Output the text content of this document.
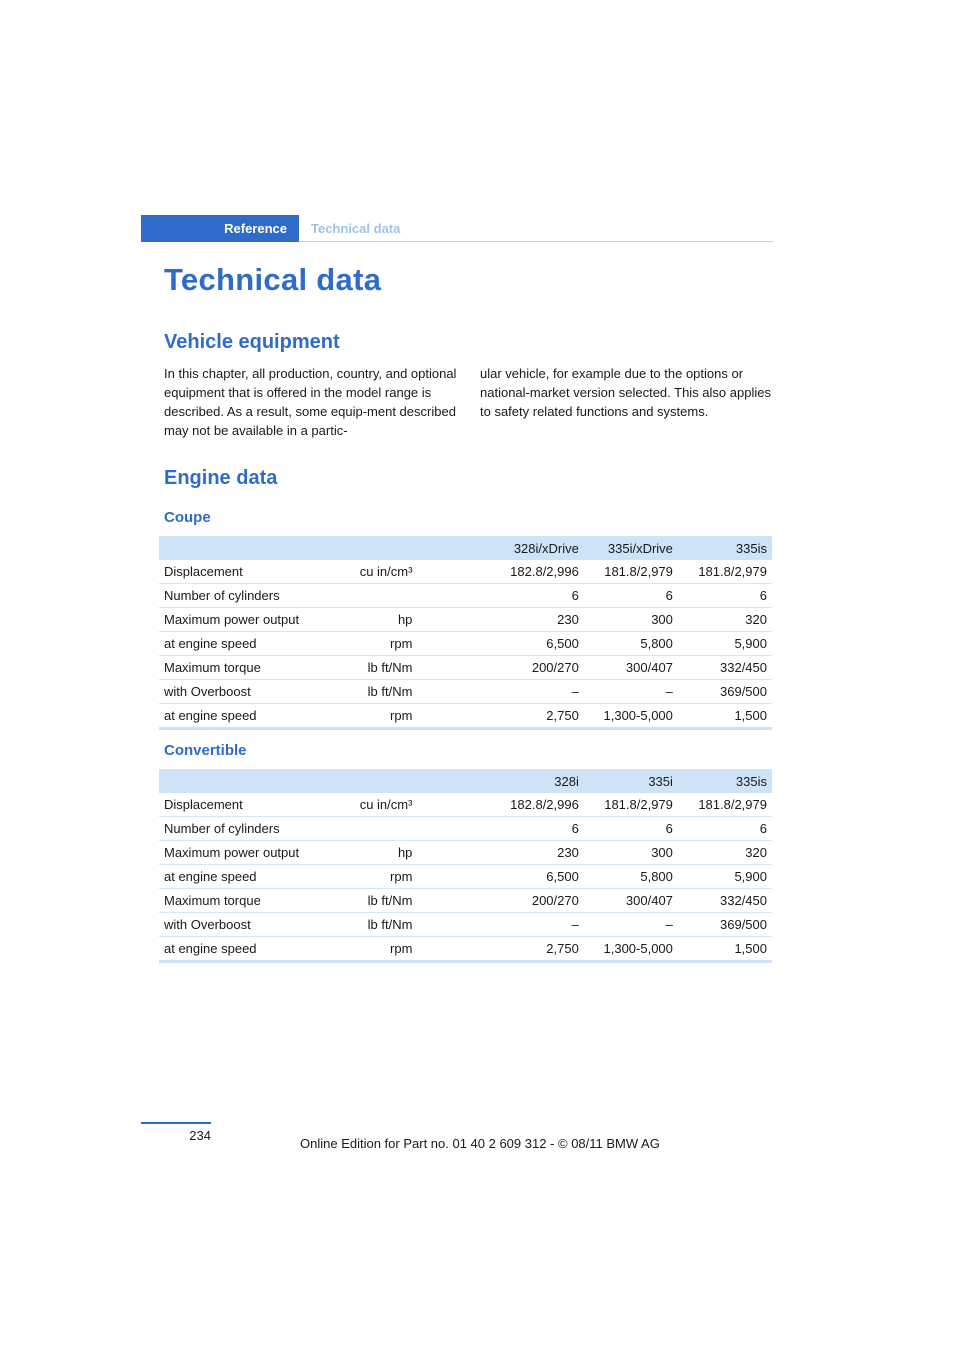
Reference	Technical data
Technical data
Vehicle equipment

In this chapter, all production, country, and optional equipment that is offered in the model range is described. As a result, some equip-ment described may not be available in a partic-

ular vehicle, for example due to the options or national-market version selected. This also applies to safety related functions and systems.

Engine data
Coupe
			328i/xDrive	335i/xDrive	335is
Displacement	cu in/cm³		182.8/2,996	181.8/2,979	181.8/2,979
Number of cylinders			6	6	6
Maximum power output	hp		230	300	320
at engine speed	rpm		6,500	5,800	5,900
Maximum torque	lb ft/Nm		200/270	300/407	332/450
with Overboost	lb ft/Nm		–	–	369/500
at engine speed	rpm		2,750	1,300-5,000	1,500
Convertible
			328i	335i	335is
Displacement	cu in/cm³		182.8/2,996	181.8/2,979	181.8/2,979
Number of cylinders			6	6	6
Maximum power output	hp		230	300	320
at engine speed	rpm		6,500	5,800	5,900
Maximum torque	lb ft/Nm		200/270	300/407	332/450
with Overboost	lb ft/Nm		–	–	369/500
at engine speed	rpm		2,750	1,300-5,000	1,500
234
Online Edition for Part no. 01 40 2 609 312 - © 08/11 BMW AG
